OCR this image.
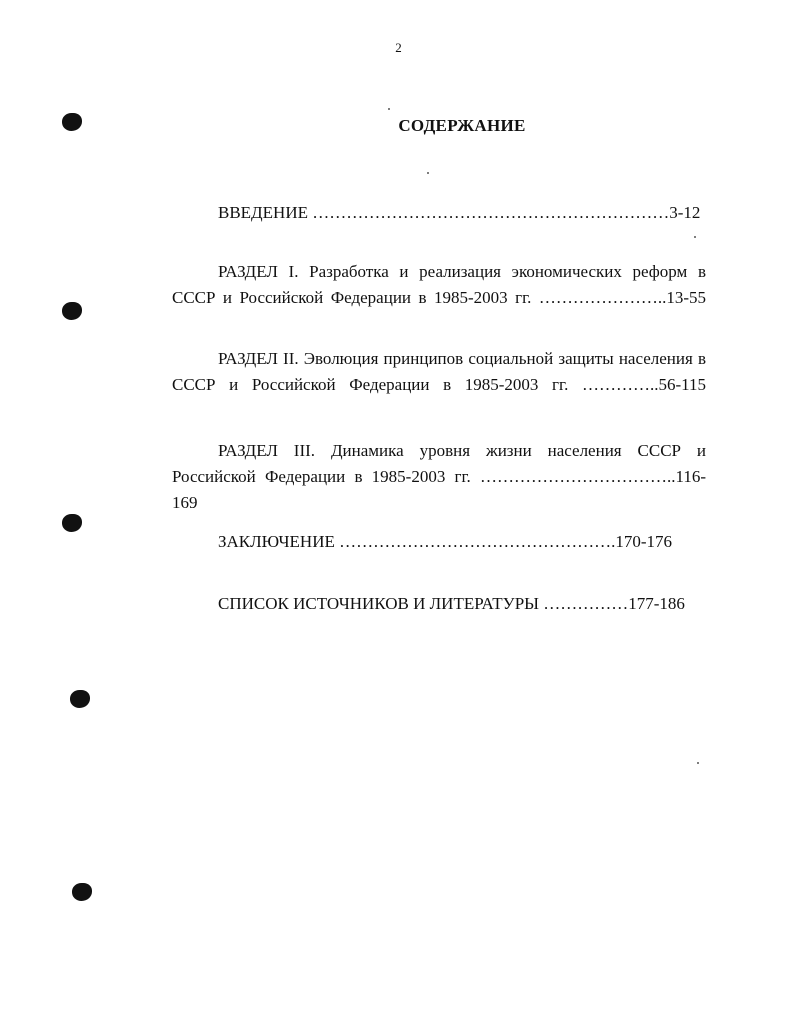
2
СОДЕРЖАНИЕ

ВВЕДЕНИЕ ………………………………………………………3-12

РАЗДЕЛ I. Разработка и реализация экономических реформ в СССР и Российской Федерации в 1985-2003 гг. …………………..13-55

РАЗДЕЛ II. Эволюция принципов социальной защиты населения в СССР и Российской Федерации в 1985-2003 гг. …………..56-115

РАЗДЕЛ III. Динамика уровня жизни населения СССР и Российской Федерации в 1985-2003 гг. ……………………………..116-169

ЗАКЛЮЧЕНИЕ ………………………………………….170-176

СПИСОК ИСТОЧНИКОВ И ЛИТЕРАТУРЫ ……………177-186
